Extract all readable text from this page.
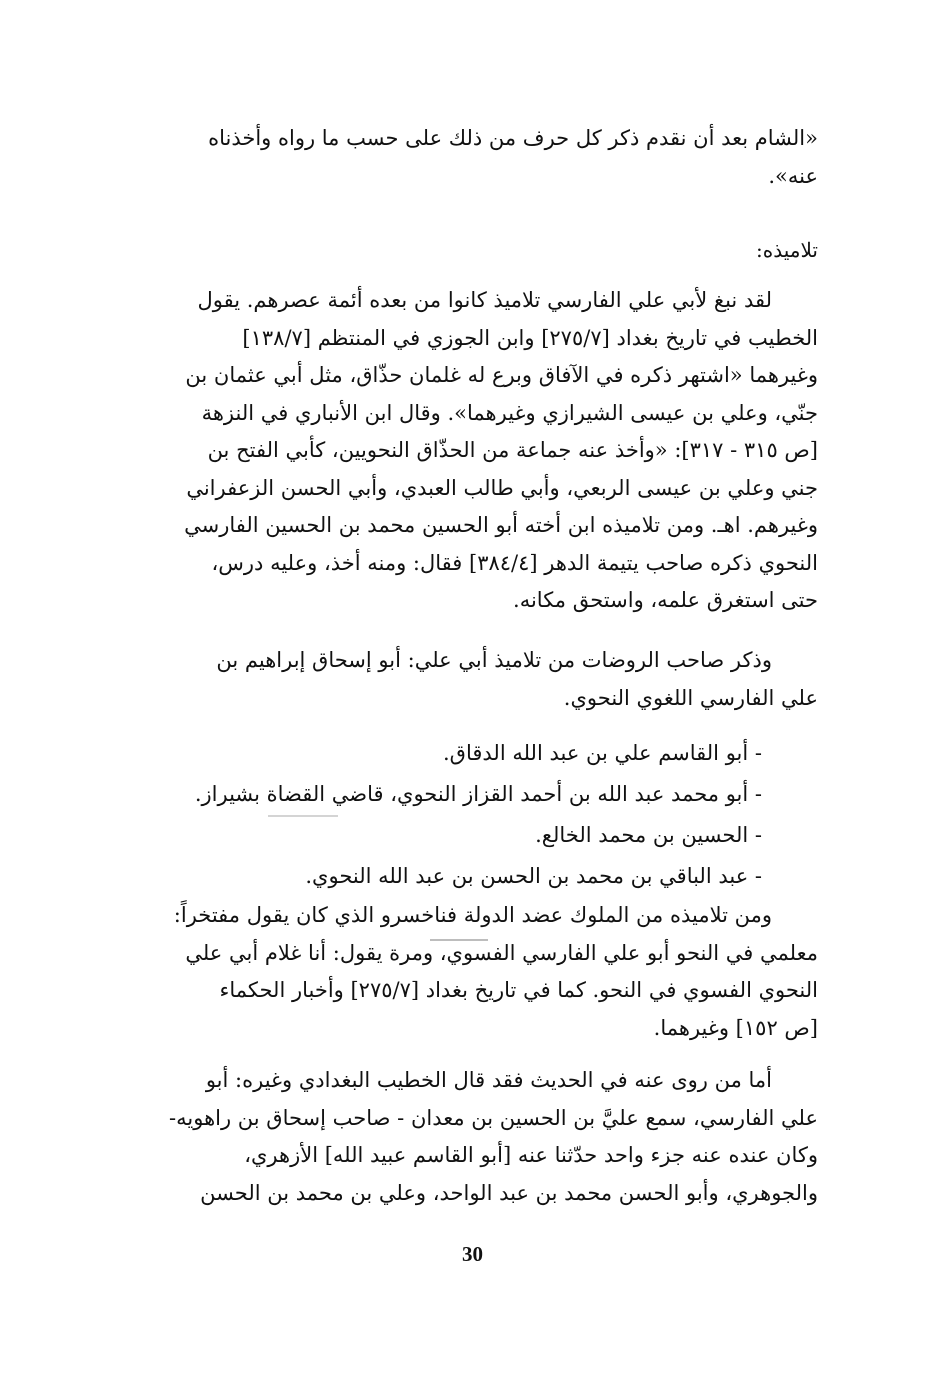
«الشام بعد أن نقدم ذكر كل حرف من ذلك على حسب ما رواه وأخذناه
عنه».

تلاميذه:

لقد نبغ لأبي علي الفارسي تلاميذ كانوا من بعده أئمة عصرهم. يقول
الخطيب في تاريخ بغداد [٢٧٥/٧] وابن الجوزي في المنتظم [١٣٨/٧]
وغيرهما «اشتهر ذكره في الآفاق وبرع له غلمان حذّاق، مثل أبي عثمان بن
جنّي، وعلي بن عيسى الشيرازي وغيرهما». وقال ابن الأنباري في النزهة
[ص ٣١٥ - ٣١٧]: «وأخذ عنه جماعة من الحذّاق النحويين، كأبي الفتح بن
جني وعلي بن عيسى الربعي، وأبي طالب العبدي، وأبي الحسن الزعفراني
وغيرهم. اهـ. ومن تلاميذه ابن أخته أبو الحسين محمد بن الحسين الفارسي
النحوي ذكره صاحب يتيمة الدهر [٣٨٤/٤] فقال: ومنه أخذ، وعليه درس،
حتى استغرق علمه، واستحق مكانه.

وذكر صاحب الروضات من تلاميذ أبي علي: أبو إسحاق إبراهيم بن
علي الفارسي اللغوي النحوي.

- أبو القاسم علي بن عبد الله الدقاق.
- أبو محمد عبد الله بن أحمد القزاز النحوي، قاضي القضاة بشيراز.
- الحسين بن محمد الخالع.
- عبد الباقي بن محمد بن الحسن بن عبد الله النحوي.

ومن تلاميذه من الملوك عضد الدولة فناخسرو الذي كان يقول مفتخراً:
معلمي في النحو أبو علي الفارسي الفسوي، ومرة يقول: أنا غلام أبي علي
النحوي الفسوي في النحو. كما في تاريخ بغداد [٢٧٥/٧] وأخبار الحكماء
[ص ١٥٢] وغيرهما.

أما من روى عنه في الحديث فقد قال الخطيب البغدادي وغيره: أبو
علي الفارسي، سمع عليَّ بن الحسين بن معدان - صاحب إسحاق بن راهويه-
وكان عنده عنه جزء واحد حدّثنا عنه [أبو القاسم عبيد الله] الأزهري،
والجوهري، وأبو الحسن محمد بن عبد الواحد، وعلي بن محمد بن الحسن

30
